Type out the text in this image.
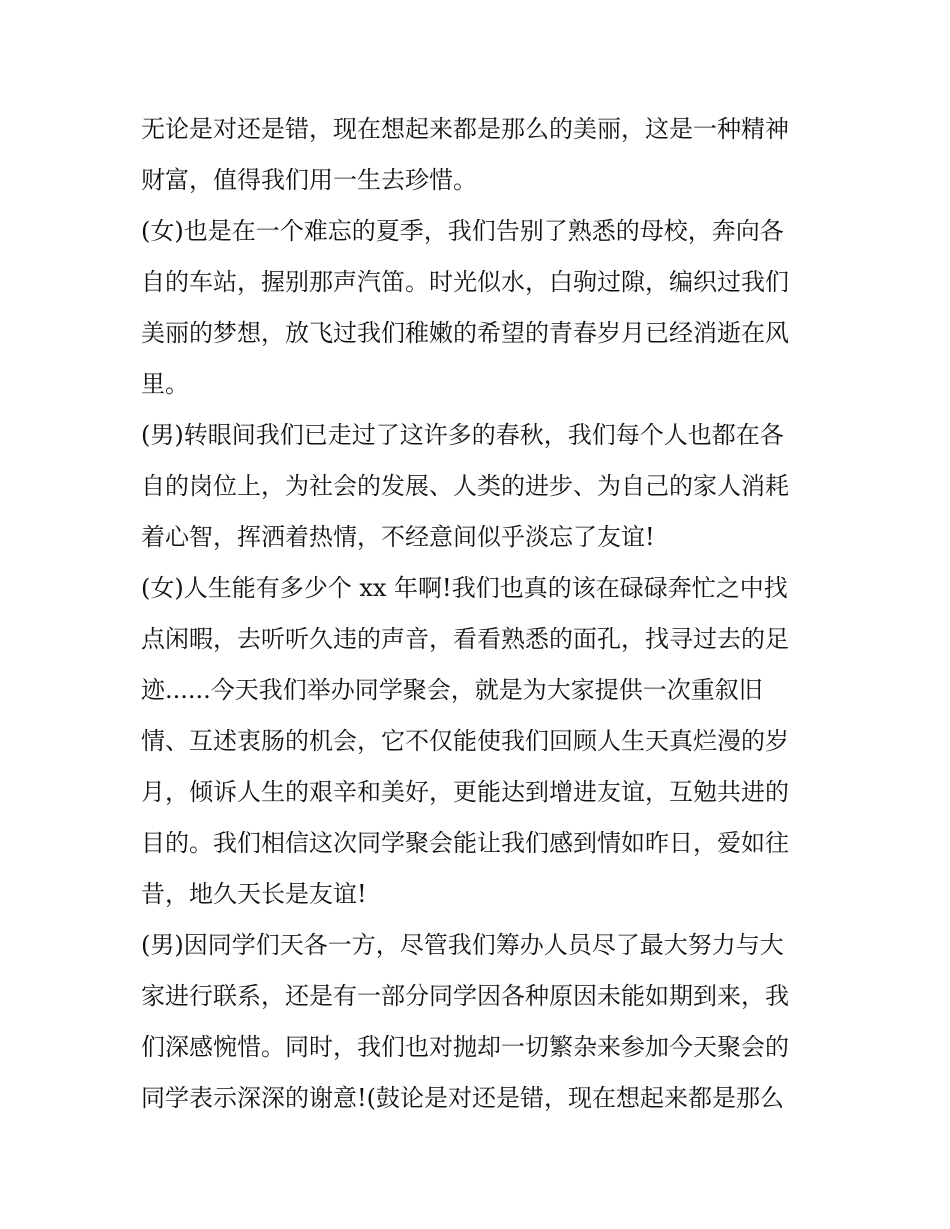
无论是对还是错，现在想起来都是那么的美丽，这是一种精神
财富，值得我们用一生去珍惜。
(女)也是在一个难忘的夏季，我们告别了熟悉的母校，奔向各
自的车站，握别那声汽笛。时光似水，白驹过隙，编织过我们
美丽的梦想，放飞过我们稚嫩的希望的青春岁月已经消逝在风
里。
(男)转眼间我们已走过了这许多的春秋，我们每个人也都在各
自的岗位上，为社会的发展、人类的进步、为自己的家人消耗
着心智，挥洒着热情，不经意间似乎淡忘了友谊!
(女)人生能有多少个 xx 年啊!我们也真的该在碌碌奔忙之中找
点闲暇，去听听久违的声音，看看熟悉的面孔，找寻过去的足
迹......今天我们举办同学聚会，就是为大家提供一次重叙旧
情、互述衷肠的机会，它不仅能使我们回顾人生天真烂漫的岁
月，倾诉人生的艰辛和美好，更能达到增进友谊，互勉共进的
目的。我们相信这次同学聚会能让我们感到情如昨日，爱如往
昔，地久天长是友谊!
(男)因同学们天各一方，尽管我们筹办人员尽了最大努力与大
家进行联系，还是有一部分同学因各种原因未能如期到来，我
们深感惋惜。同时，我们也对抛却一切繁杂来参加今天聚会的
同学表示深深的谢意!(鼓论是对还是错，现在想起来都是那么
